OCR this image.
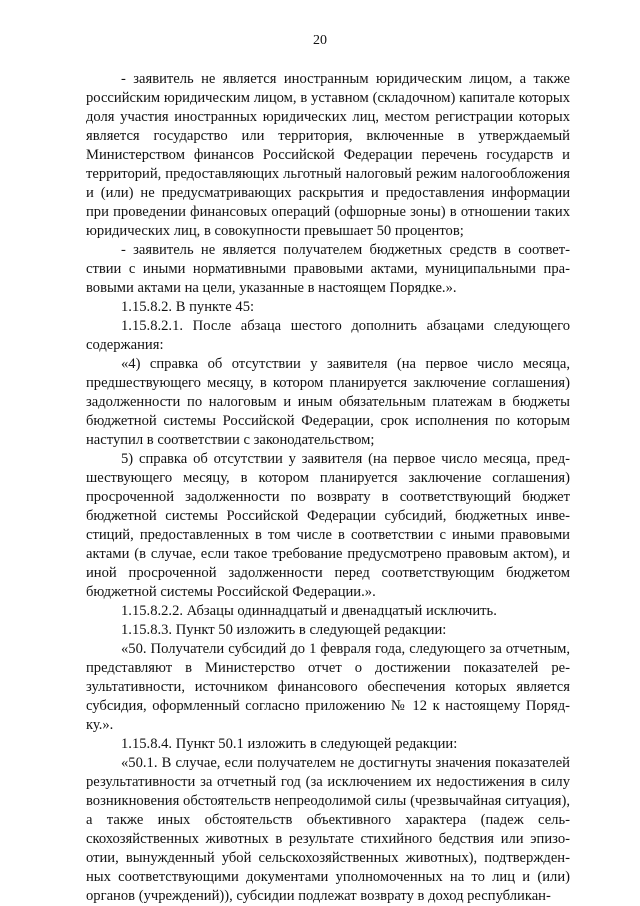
20

- заявитель не является иностранным юридическим лицом, а также российским юридическим лицом, в уставном (складочном) капитале которых доля участия иностранных юридических лиц, местом регистрации которых является государство или территория, включенные в утверждаемый Министерством финансов Российской Федерации перечень государств и территорий, предоставляющих льготный налоговый режим налогообложения и (или) не предусматривающих раскрытия и предоставления информации при проведении финансовых операций (офшорные зоны) в отношении таких юридических лиц, в совокупности превышает 50 процентов;

- заявитель не является получателем бюджетных средств в соответствии с иными нормативными правовыми актами, муниципальными правовыми актами на цели, указанные в настоящем Порядке.».

1.15.8.2. В пункте 45:

1.15.8.2.1. После абзаца шестого дополнить абзацами следующего содержания:

«4) справка об отсутствии у заявителя (на первое число месяца, предшествующего месяцу, в котором планируется заключение соглашения) задолженности по налоговым и иным обязательным платежам в бюджеты бюджетной системы Российской Федерации, срок исполнения по которым наступил в соответствии с законодательством;

5) справка об отсутствии у заявителя (на первое число месяца, предшествующего месяцу, в котором планируется заключение соглашения) просроченной задолженности по возврату в соответствующий бюджет бюджетной системы Российской Федерации субсидий, бюджетных инвестиций, предоставленных в том числе в соответствии с иными правовыми актами (в случае, если такое требование предусмотрено правовым актом), и иной просроченной задолженности перед соответствующим бюджетом бюджетной системы Российской Федерации.».

1.15.8.2.2. Абзацы одиннадцатый и двенадцатый исключить.

1.15.8.3. Пункт 50 изложить в следующей редакции:

«50. Получатели субсидий до 1 февраля года, следующего за отчетным, представляют в Министерство отчет о достижении показателей результативности, источником финансового обеспечения которых является субсидия, оформленный согласно приложению № 12 к настоящему Порядку.».

1.15.8.4. Пункт 50.1 изложить в следующей редакции:

«50.1. В случае, если получателем не достигнуты значения показателей результативности за отчетный год (за исключением их недостижения в силу возникновения обстоятельств непреодолимой силы (чрезвычайная ситуация), а также иных обстоятельств объективного характера (падеж сельскохозяйственных животных в результате стихийного бедствия или эпизоотии, вынужденный убой сельскохозяйственных животных), подтвержденных соответствующими документами уполномоченных на то лиц и (или) органов (учреждений)), субсидии подлежат возврату в доход республикан-
